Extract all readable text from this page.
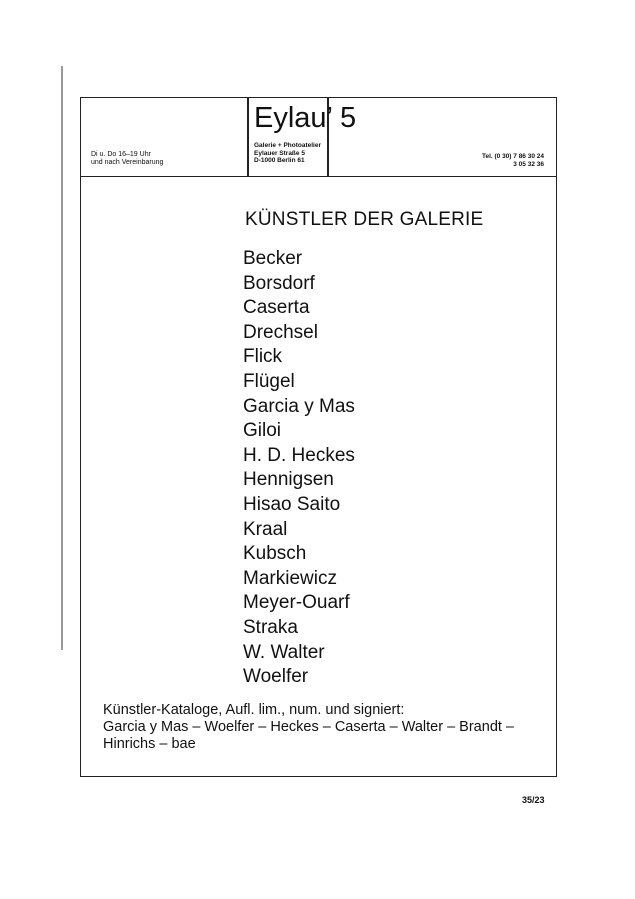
Di u. Do 16–19 Uhr
und nach Vereinbarung
Eylau’ 5
Galerie + Photoatelier
Eylauer Straße 5
D-1000 Berlin 61
Tel. (0 30) 7 86 30 24
3 05 32 36
KÜNSTLER DER GALERIE
Becker
Borsdorf
Caserta
Drechsel
Flick
Flügel
Garcia y Mas
Giloi
H. D. Heckes
Hennigsen
Hisao Saito
Kraal
Kubsch
Markiewicz
Meyer-Ouarf
Straka
W. Walter
Woelfer
Künstler-Kataloge, Aufl. lim., num. und signiert:
Garcia y Mas – Woelfer – Heckes – Caserta – Walter – Brandt –
Hinrichs – bae
35/23
